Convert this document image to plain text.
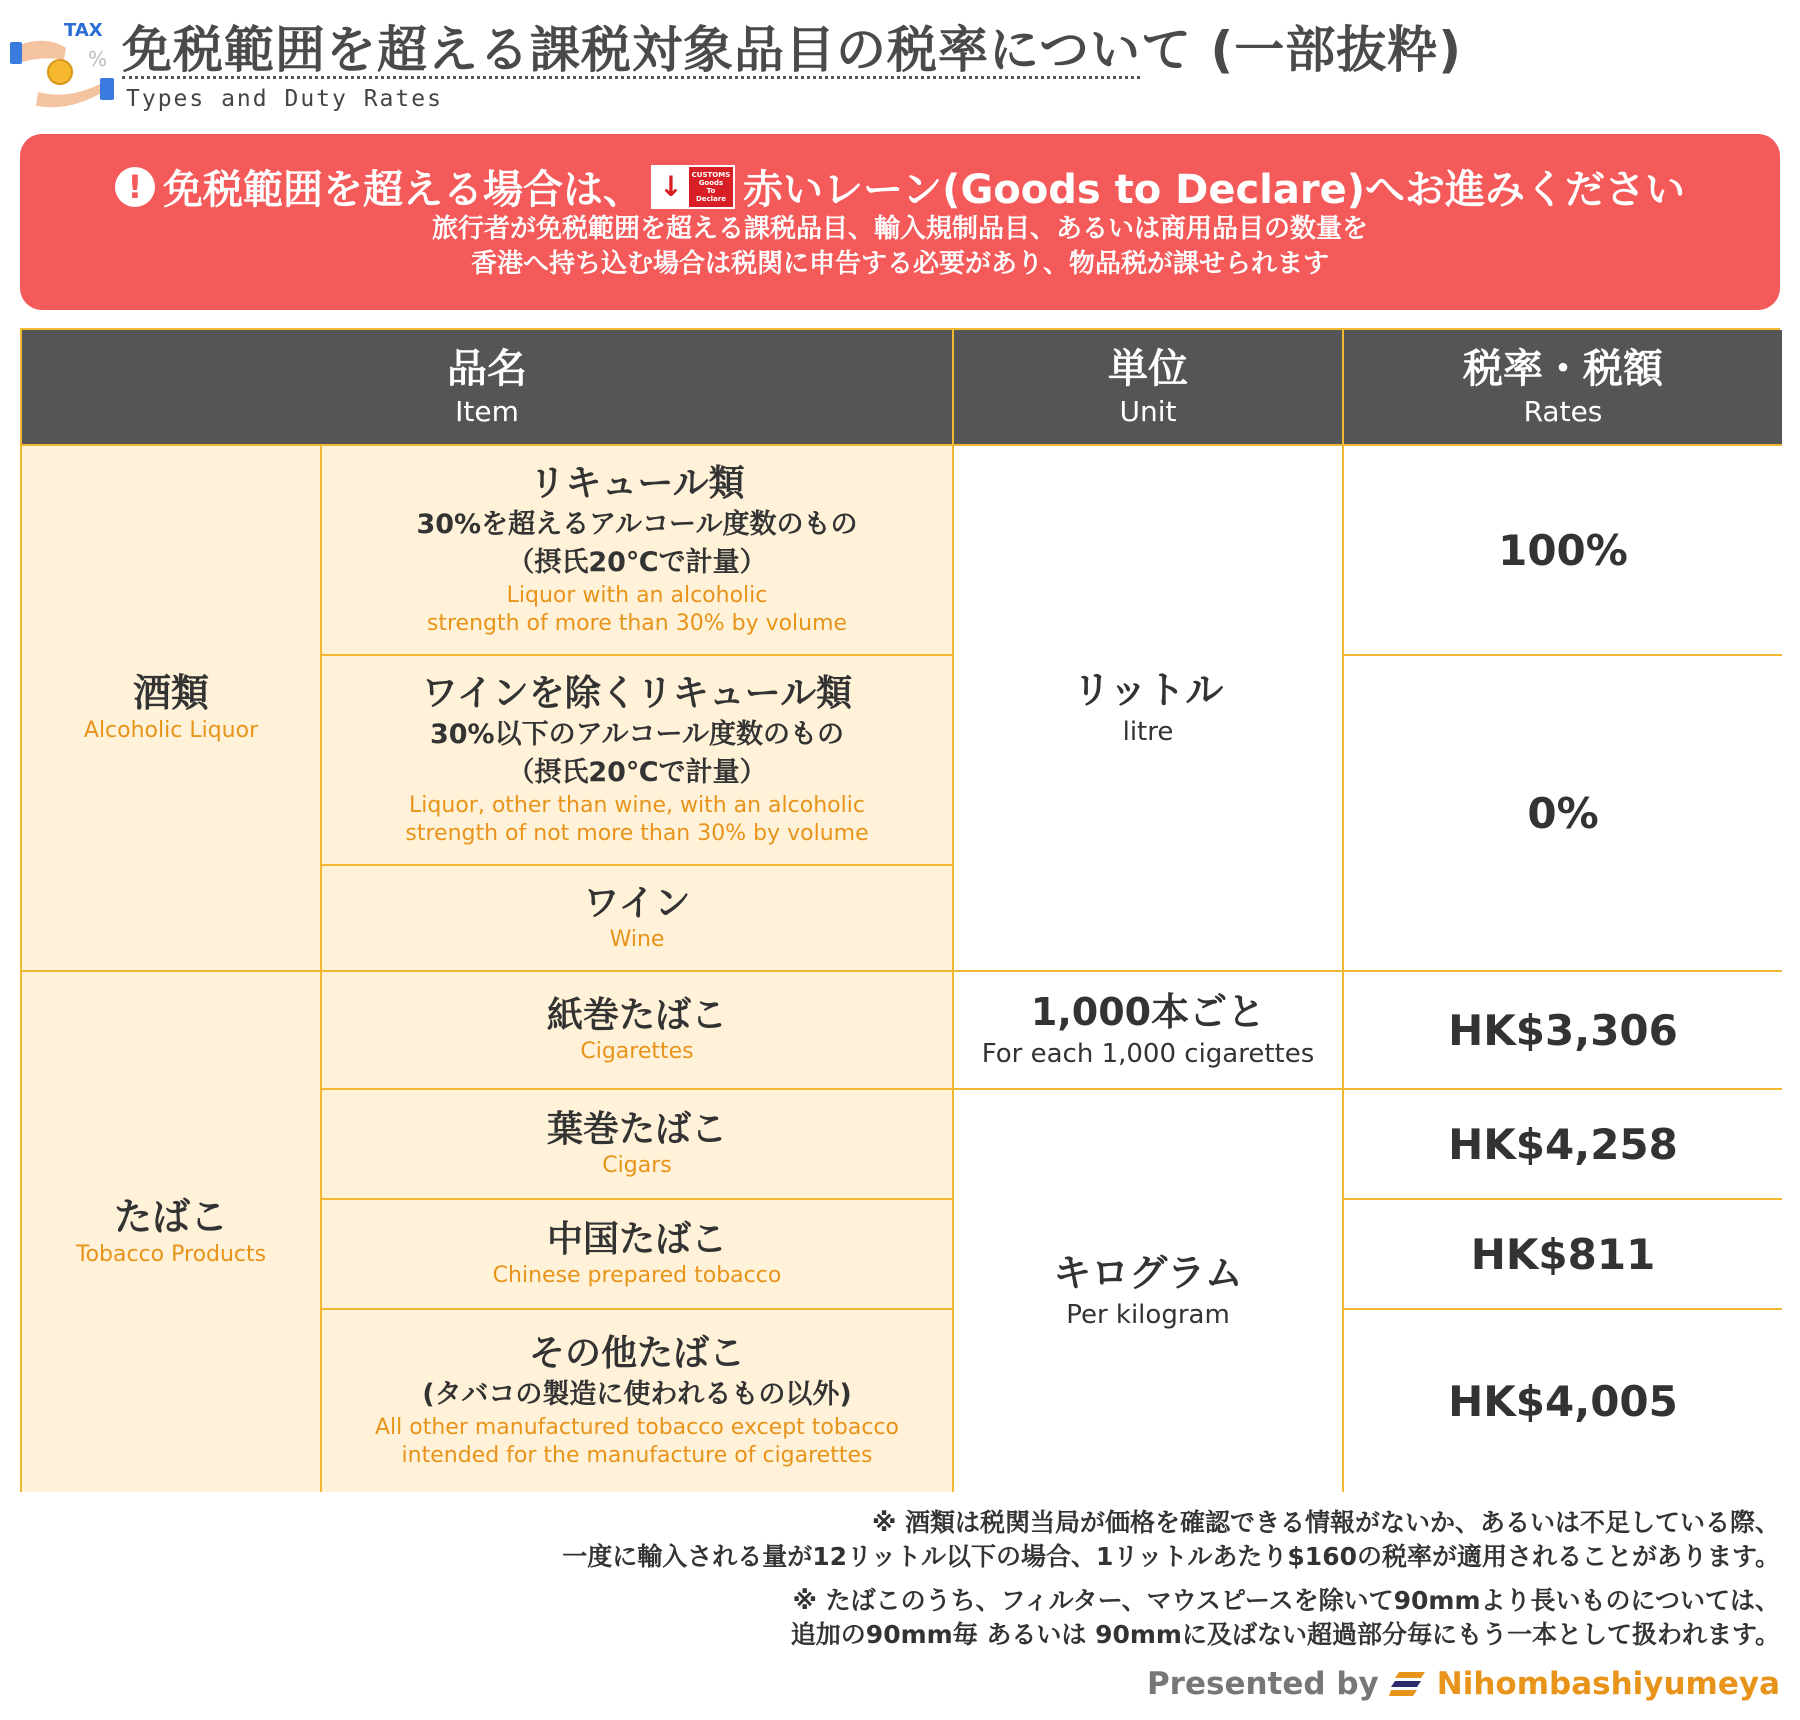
TAX
% 免税範囲を超える課税対象品目の税率について (一部抜粋)
Types and Duty Rates
! 免税範囲を超える場合は、 ↓	CUSTOMS
Goods
To
Declare 赤いレーン(Goods to Declare)へお進みください
旅行者が免税範囲を超える課税品目、輸入規制品目、あるいは商用品目の数量を
香港へ持ち込む場合は税関に申告する必要があり、物品税が課せられます
品名
Item
単位
Unit
税率・税額
Rates
酒類
Alcoholic Liquor
たばこ
Tobacco Products
リキュール類
30%を超えるアルコール度数のもの
（摂氏20℃で計量）
Liquor with an alcoholic
strength of more than 30% by volume
ワインを除くリキュール類
30%以下のアルコール度数のもの
（摂氏20℃で計量）
Liquor, other than wine, with an alcoholic
strength of not more than 30% by volume
ワイン
Wine
紙巻たばこ
Cigarettes
葉巻たばこ
Cigars
中国たばこ
Chinese prepared tobacco
その他たばこ
(タバコの製造に使われるもの以外)
All other manufactured tobacco except tobacco
intended for the manufacture of cigarettes
リットル
litre
1,000本ごと
For each 1,000 cigarettes
キログラム
Per kilogram
100%
0%
HK$3,306
HK$4,258
HK$811
HK$4,005
※ 酒類は税関当局が価格を確認できる情報がないか、あるいは不足している際、
一度に輸入される量が12リットル以下の場合、1リットルあたり$160の税率が適用されることがあります。
※ たばこのうち、フィルター、マウスピースを除いて90mmより長いものについては、
追加の90mm毎 あるいは 90mmに及ばない超過部分毎にもう一本として扱われます。
Presented by Nihombashiyumeya
